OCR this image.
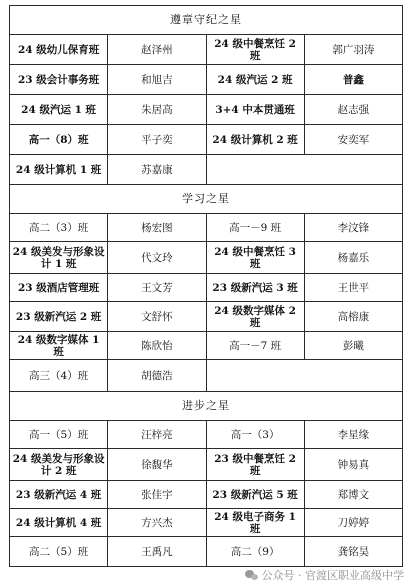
遵章守纪之星			
24 级幼儿保育班	赵泽州	24 级中餐烹饪 2 班	郭广羽涛
23 级会计事务班	和旭吉	24 级汽运 2 班	普鑫
24 级汽运 1 班	朱居高	3+4 中本贯通班	赵志强
高一（8）班	平子奕	24 级计算机 2 班	安奕军
24 级计算机 1 班	苏嘉康		
学习之星			
高二（3）班	杨宏图	高一－9 班	李汶锋
24 级美发与形象设计 1 班	代文玲	24 级中餐烹饪 3 班	杨嘉乐
23 级酒店管理班	王文芳	23 级新汽运 3 班	王世平
23 级新汽运 2 班	文舒怀	24 级数字媒体 2 班	高榕康
24 级数字媒体 1 班	陈欣怡	高一－7 班	彭曦
高三（4）班	胡德浩		
进步之星			
高一（5）班	汪梓亮	高一（3）	李星缘
24 级美发与形象设计 2 班	徐馥华	23 级中餐烹饪 2 班	钟易真
23 级新汽运 4 班	张佳宇	23 级新汽运 5 班	郑博文
24 级计算机 4 班	方兴杰	24 级电子商务 1 班	刀婷婷
高二（5）班	王禹凡	高二（9）	龚铭昊
公众号 · 官渡区职业高级中学
